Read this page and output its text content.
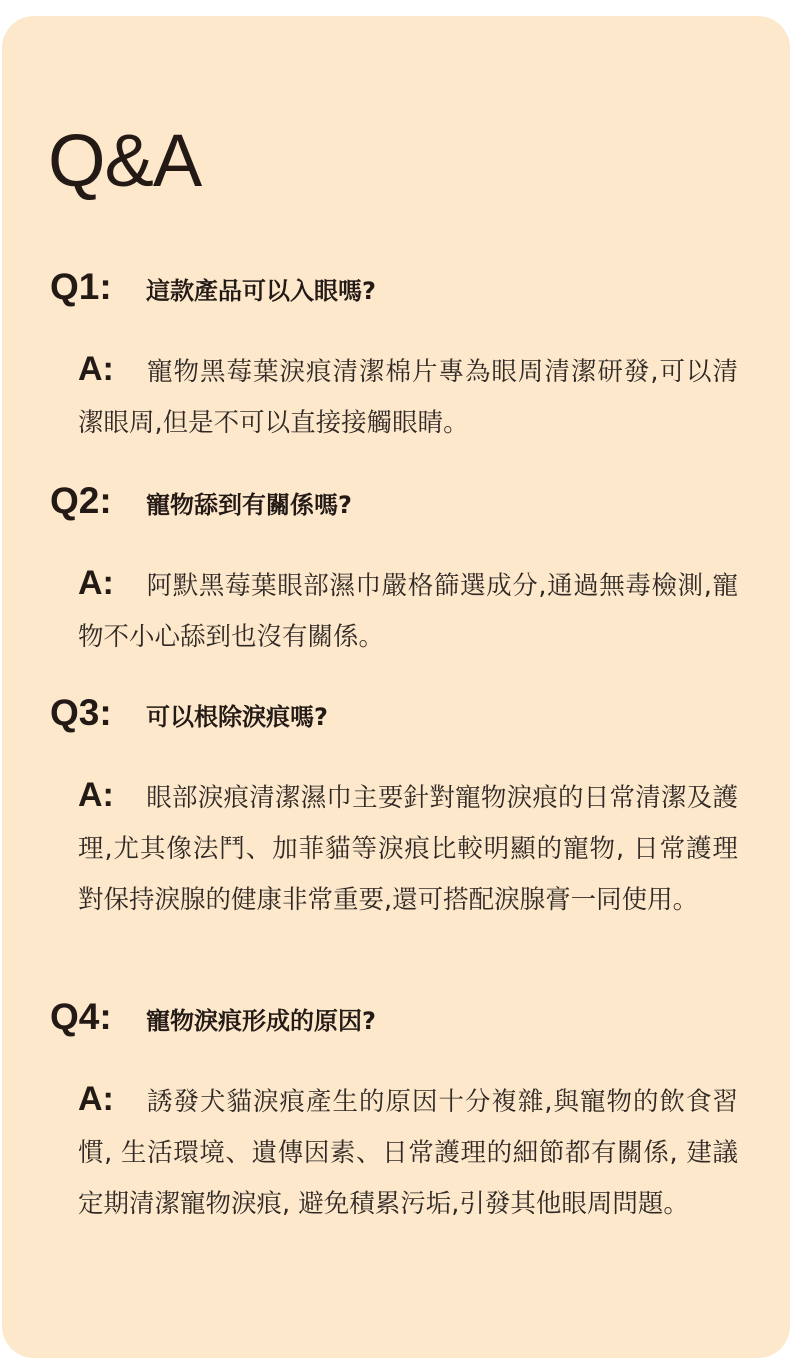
Q&A
Q1:	這款產品可以入眼嗎?
A: 寵物黑莓葉淚痕清潔棉片專為眼周清潔研發,可以清潔眼周,但是不可以直接接觸眼睛。
Q2:	寵物舔到有關係嗎?
A: 阿默黑莓葉眼部濕巾嚴格篩選成分,通過無毒檢測,寵物不小心舔到也沒有關係。
Q3:	可以根除淚痕嗎?
A: 眼部淚痕清潔濕巾主要針對寵物淚痕的日常清潔及護理,尤其像法鬥、加菲貓等淚痕比較明顯的寵物, 日常護理對保持淚腺的健康非常重要,還可搭配淚腺膏一同使用。
Q4:	寵物淚痕形成的原因?
A: 誘發犬貓淚痕產生的原因十分複雜,與寵物的飲食習慣, 生活環境、遺傳因素、日常護理的細節都有關係, 建議定期清潔寵物淚痕, 避免積累污垢,引發其他眼周問題。
